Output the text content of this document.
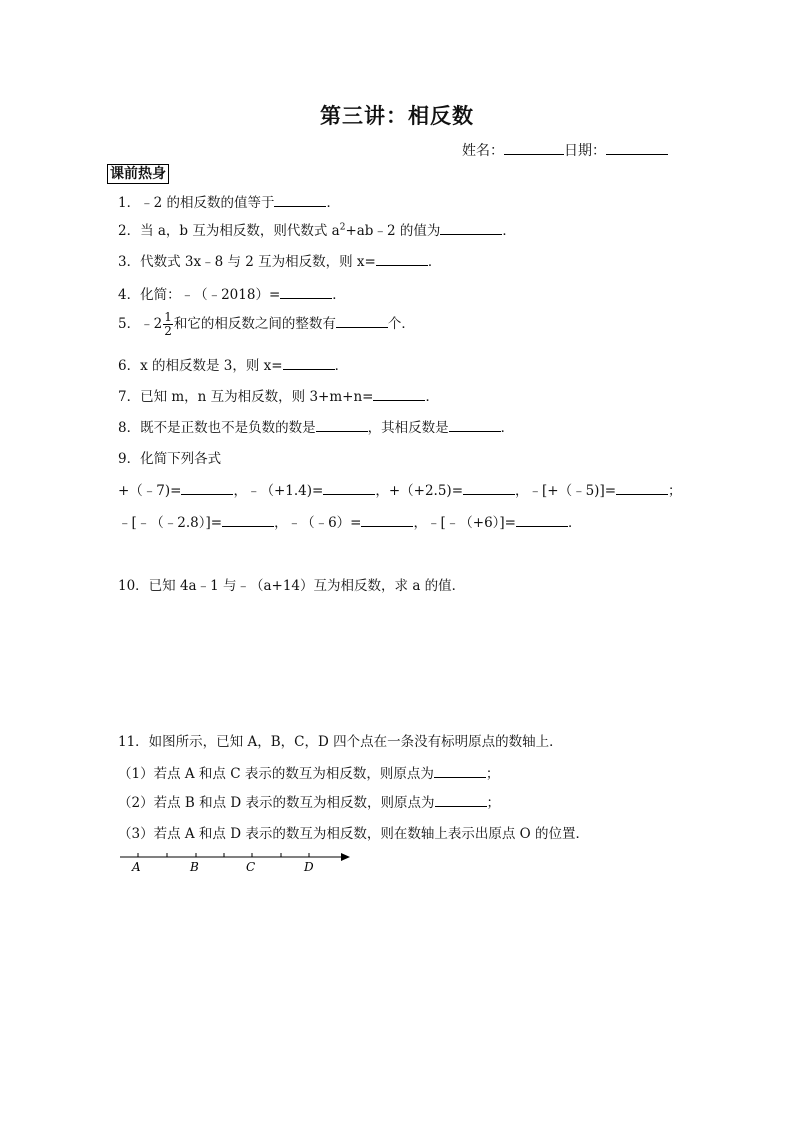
第三讲：相反数
姓名：	日期：
课前热身
1．﹣2 的相反数的值等于	．
2．当 a，b 互为相反数，则代数式 $a^2+ab﹣2$ 的值为	．
3．代数式 3x﹣8 与 2 互为相反数，则 x=	．
4．化简：﹣（﹣2018）=	．
5．﹣2 $\frac{1}{2}$ 和它的相反数之间的整数有	个．
6．x 的相反数是 3，则 x=	．
7．已知 m，n 互为相反数，则 3+m+n=	．
8．既不是正数也不是负数的数是	，其相反数是	．
9．化简下列各式
+（﹣7)=	，﹣（+1.4)=	，+（+2.5)=	，﹣[+（﹣5)]=	；
﹣[﹣（﹣2.8）]=	，﹣（﹣6）=	，﹣[﹣（+6）]=	．
10．已知 4a﹣1 与﹣（a+14）互为相反数，求 a 的值．
11．如图所示，已知 A，B，C，D 四个点在一条没有标明原点的数轴上．
（1）若点 A 和点 C 表示的数互为相反数，则原点为	；
（2）若点 B 和点 D 表示的数互为相反数，则原点为	；
（3）若点 A 和点 D 表示的数互为相反数，则在数轴上表示出原点 O 的位置．
A	B	C	D
